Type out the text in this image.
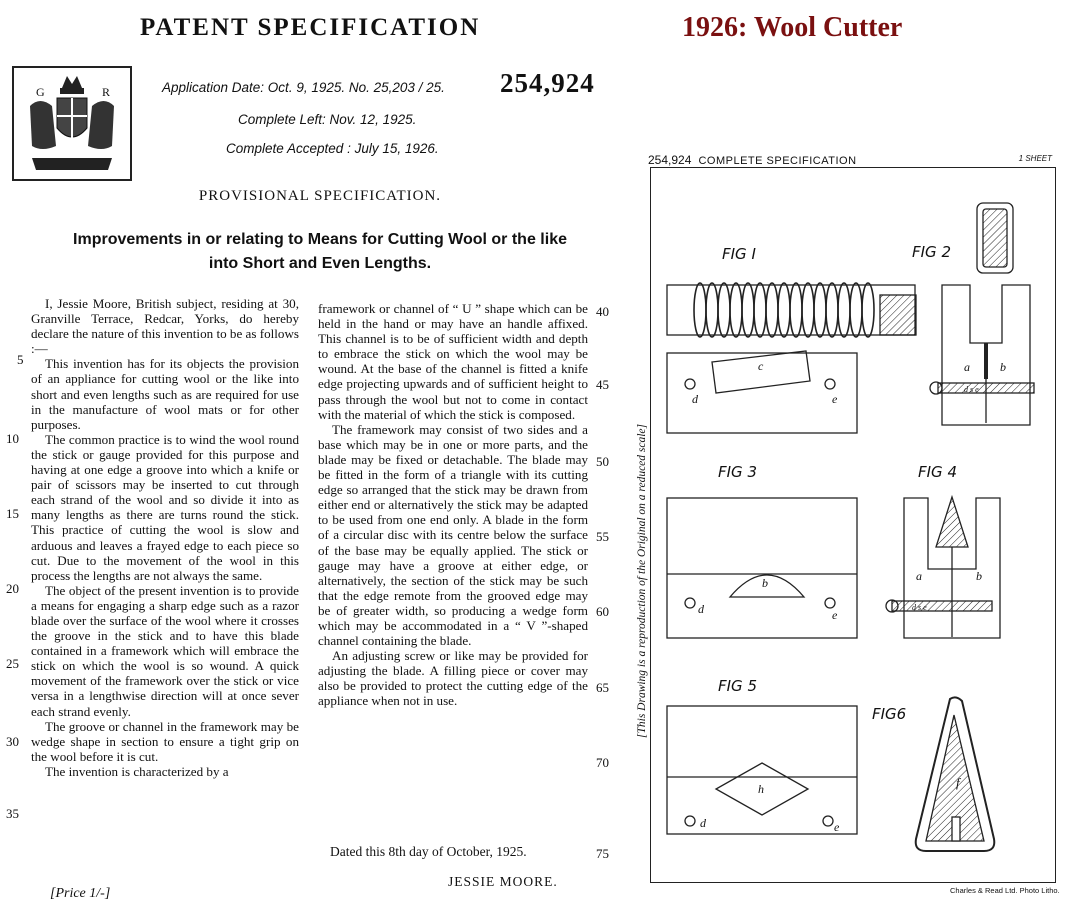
PATENT SPECIFICATION	1926: Wool Cutter
G	R	Application Date: Oct. 9, 1925. No. 25,203 / 25.
Complete Left: Nov. 12, 1925.
Complete Accepted : July 15, 1926.
254,924
PROVISIONAL SPECIFICATION.
Improvements in or relating to Means for Cutting Wool or the like
into Short and Even Lengths.

I, Jessie Moore, British subject, residing at 30, Granville Terrace, Redcar, Yorks, do hereby declare the nature of this invention to be as follows :—

This invention has for its objects the provision of an appliance for cutting wool or the like into short and even lengths such as are required for use in the manufacture of wool mats or for other purposes.

The common practice is to wind the wool round the stick or gauge provided for this purpose and having at one edge a groove into which a knife or pair of scissors may be inserted to cut through each strand of the wool and so divide it into as many lengths as there are turns round the stick. This practice of cutting the wool is slow and arduous and leaves a frayed edge to each piece so cut. Due to the movement of the wool in this process the lengths are not always the same.

The object of the present invention is to provide a means for engaging a sharp edge such as a razor blade over the surface of the wool where it crosses the groove in the stick and to have this blade contained in a framework which will embrace the stick on which the wool is so wound. A quick movement of the framework over the stick or vice versa in a lengthwise direction will at once sever each strand evenly.

The groove or channel in the framework may be wedge shape in section to ensure a tight grip on the wool before it is cut.

The invention is characterized by a

framework or channel of “ U ” shape which can be held in the hand or may have an handle affixed. This channel is to be of sufficient width and depth to embrace the stick on which the wool may be wound. At the base of the channel is fitted a knife edge projecting upwards and of sufficient height to pass through the wool but not to come in contact with the material of which the stick is composed.

The framework may consist of two sides and a base which may be in one or more parts, and the blade may be fixed or detachable. The blade may be fitted in the form of a triangle with its cutting edge so arranged that the stick may be drawn from either end or alternatively the stick may be adapted to be used from one end only. A blade in the form of a circular disc with its centre below the surface of the base may be equally applied. The stick or gauge may have a groove at either edge, or alternatively, the section of the stick may be such that the edge remote from the grooved edge may be of greater width, so producing a wedge form which may be accommodated in a “ V ”-shaped channel containing the blade.

An adjusting screw or like may be provided for adjusting the blade. A filling piece or cover may also be provided to protect the cutting edge of the appliance when not in use.

5
10
15
20
25
30
35
40
45
50
55
60
65
70
75
Dated this 8th day of October, 1925.
JESSIE MOORE.
[Price 1/-]
254,924 COMPLETE SPECIFICATION	1 SHEET
[This Drawing is a reproduction of the Original on a reduced scale]
FIG I	FIG 2
FIG 3	FIG 4
FIG 5
FIG6
c
d	e
a	b
d s e
b
d	e
a	b
d s e
h
d	e
f
Charles & Read Ltd. Photo Litho.
